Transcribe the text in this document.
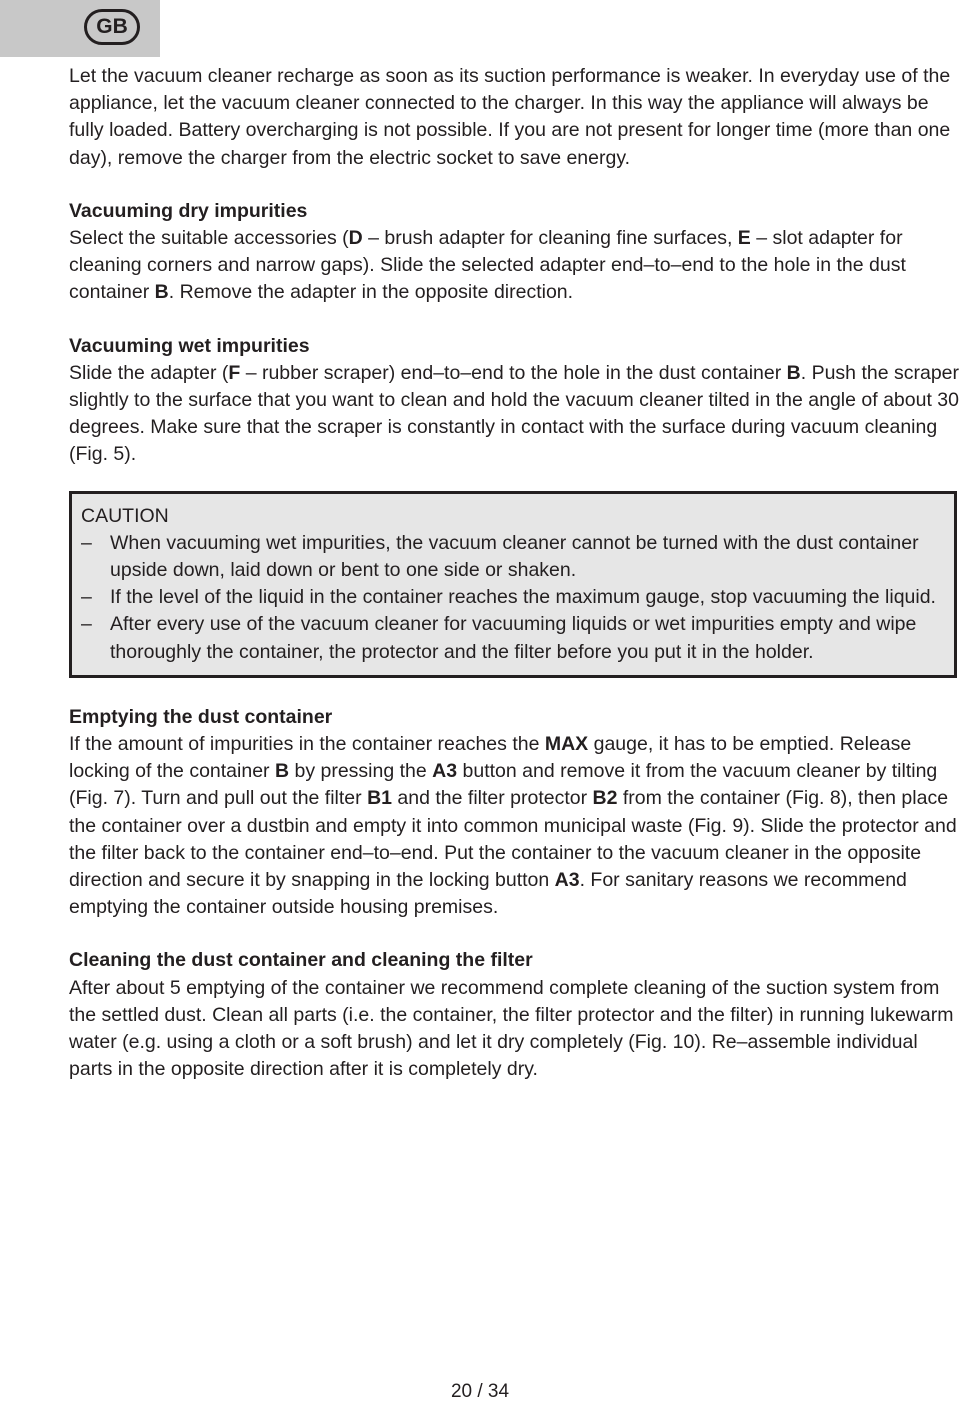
GB

Let the vacuum cleaner recharge as soon as its suction performance is weaker. In everyday use of the appliance, let the vacuum cleaner connected to the charger. In this way the appliance will always be fully loaded. Battery overcharging is not possible. If you are not present for longer time (more than one day), remove the charger from the electric socket to save energy.

Vacuuming dry impurities

Select the suitable accessories (D – brush adapter for cleaning fine surfaces, E – slot adapter for cleaning corners and narrow gaps). Slide the selected adapter end–to–end to the hole in the dust container B. Remove the adapter in the opposite direction.

Vacuuming wet impurities

Slide the adapter (F – rubber scraper) end–to–end to the hole in the dust container B. Push the scraper slightly to the surface that you want to clean and hold the vacuum cleaner tilted in the angle of about 30 degrees. Make sure that the scraper is constantly in contact with the surface during vacuum cleaning (Fig. 5).

CAUTION
– When vacuuming wet impurities, the vacuum cleaner cannot be turned with the dust container upside down, laid down or bent to one side or shaken.
– If the level of the liquid in the container reaches the maximum gauge, stop vacuuming the liquid.
– After every use of the vacuum cleaner for vacuuming liquids or wet impurities empty and wipe thoroughly the container, the protector and the filter before you put it in the holder.
Emptying the dust container

If the amount of impurities in the container reaches the MAX gauge, it has to be emptied. Release locking of the container B by pressing the A3 button and remove it from the vacuum cleaner by tilting (Fig. 7). Turn and pull out the filter B1 and the filter protector B2 from the container (Fig. 8), then place the container over a dustbin and empty it into common municipal waste (Fig. 9). Slide the protector and the filter back to the container end–to–end. Put the container to the vacuum cleaner in the opposite direction and secure it by snapping in the locking button A3. For sanitary reasons we recommend emptying the container outside housing premises.

Cleaning the dust container and cleaning the filter

After about 5 emptying of the container we recommend complete cleaning of the suction system from the settled dust. Clean all parts (i.e. the container, the filter protector and the filter) in running lukewarm water (e.g. using a cloth or a soft brush) and let it dry completely (Fig. 10). Re–assemble individual parts in the opposite direction after it is completely dry.

20 / 34
